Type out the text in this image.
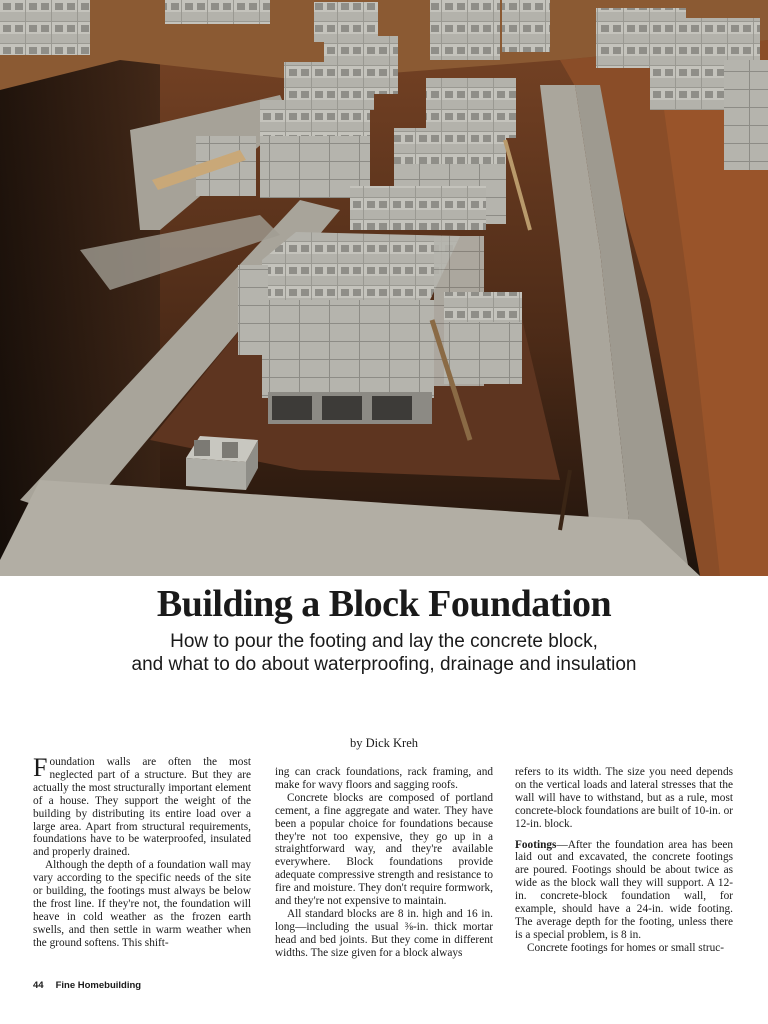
Building a Block Foundation

How to pour the footing and lay the concrete block,
and what to do about waterproofing, drainage and insulation

by Dick Kreh

Foundation walls are often the most neglected part of a structure. But they are actually the most structurally important element of a house. They support the weight of the building by distributing its entire load over a large area. Apart from structural requirements, foundations have to be waterproofed, insulated and properly drained.

Although the depth of a foundation wall may vary according to the specific needs of the site or building, the footings must always be below the frost line. If they're not, the foundation will heave in cold weather as the frozen earth swells, and then settle in warm weather when the ground softens. This shift-

ing can crack foundations, rack framing, and make for wavy floors and sagging roofs.

Concrete blocks are composed of portland cement, a fine aggregate and water. They have been a popular choice for foundations because they're not too expensive, they go up in a straightforward way, and they're available everywhere. Block foundations provide adequate compressive strength and resistance to fire and moisture. They don't require formwork, and they're not expensive to maintain.

All standard blocks are 8 in. high and 16 in. long—including the usual ⅜-in. thick mortar head and bed joints. But they come in different widths. The size given for a block always

refers to its width. The size you need depends on the vertical loads and lateral stresses that the wall will have to withstand, but as a rule, most concrete-block foundations are built of 10-in. or 12-in. block.

Footings—After the foundation area has been laid out and excavated, the concrete footings are poured. Footings should be about twice as wide as the block wall they will support. A 12-in. concrete-block foundation wall, for example, should have a 24-in. wide footing. The average depth for the footing, unless there is a special problem, is 8 in.

Concrete footings for homes or small struc-

44 Fine Homebuilding
